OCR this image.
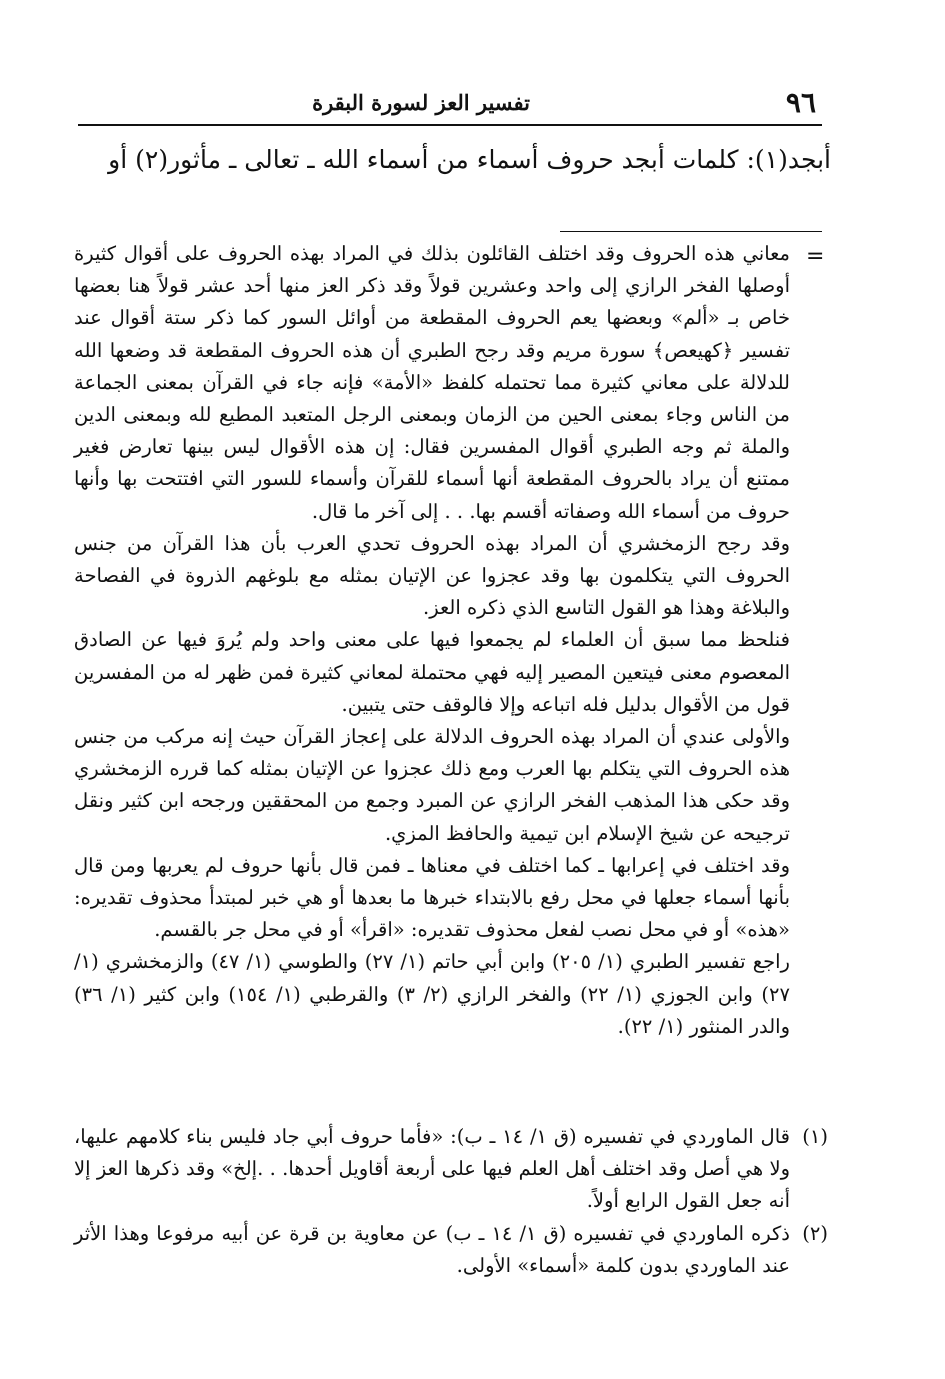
٩٦
تفسير العز لسورة البقرة
أبجد(١): كلمات أبجد حروف أسماء من أسماء الله ـ تعالى ـ مأثور(٢) أو
=

معاني هذه الحروف وقد اختلف القائلون بذلك في المراد بهذه الحروف على أقوال كثيرة أوصلها الفخر الرازي إلى واحد وعشرين قولاً وقد ذكر العز منها أحد عشر قولاً هنا بعضها خاص بـ «ألم» وبعضها يعم الحروف المقطعة من أوائل السور كما ذكر ستة أقوال عند تفسير ﴿كهيعص﴾ سورة مريم وقد رجح الطبري أن هذه الحروف المقطعة قد وضعها الله للدلالة على معاني كثيرة مما تحتمله كلفظ «الأمة» فإنه جاء في القرآن بمعنى الجماعة من الناس وجاء بمعنى الحين من الزمان وبمعنى الرجل المتعبد المطيع لله وبمعنى الدين والملة ثم وجه الطبري أقوال المفسرين فقال: إن هذه الأقوال ليس بينها تعارض فغير ممتنع أن يراد بالحروف المقطعة أنها أسماء للقرآن وأسماء للسور التي افتتحت بها وأنها حروف من أسماء الله وصفاته أقسم بها. . . إلى آخر ما قال.

وقد رجح الزمخشري أن المراد بهذه الحروف تحدي العرب بأن هذا القرآن من جنس الحروف التي يتكلمون بها وقد عجزوا عن الإتيان بمثله مع بلوغهم الذروة في الفصاحة والبلاغة وهذا هو القول التاسع الذي ذكره العز.

فنلحظ مما سبق أن العلماء لم يجمعوا فيها على معنى واحد ولم يُروَ فيها عن الصادق المعصوم معنى فيتعين المصير إليه فهي محتملة لمعاني كثيرة فمن ظهر له من المفسرين قول من الأقوال بدليل فله اتباعه وإلا فالوقف حتى يتبين.

والأولى عندي أن المراد بهذه الحروف الدلالة على إعجاز القرآن حيث إنه مركب من جنس هذه الحروف التي يتكلم بها العرب ومع ذلك عجزوا عن الإتيان بمثله كما قرره الزمخشري وقد حكى هذا المذهب الفخر الرازي عن المبرد وجمع من المحققين ورجحه ابن كثير ونقل ترجيحه عن شيخ الإسلام ابن تيمية والحافظ المزي.

وقد اختلف في إعرابها ـ كما اختلف في معناها ـ فمن قال بأنها حروف لم يعربها ومن قال بأنها أسماء جعلها في محل رفع بالابتداء خبرها ما بعدها أو هي خبر لمبتدأ محذوف تقديره: «هذه» أو في محل نصب لفعل محذوف تقديره: «اقرأ» أو في محل جر بالقسم.

راجع تفسير الطبري (١/ ٢٠٥) وابن أبي حاتم (١/ ٢٧) والطوسي (١/ ٤٧) والزمخشري (١/ ٢٧) وابن الجوزي (١/ ٢٢) والفخر الرازي (٢/ ٣) والقرطبي (١/ ١٥٤) وابن كثير (١/ ٣٦) والدر المنثور (١/ ٢٢).

(١)
قال الماوردي في تفسيره (ق ١/ ١٤ ـ ب): «فأما حروف أبي جاد فليس بناء كلامهم عليها، ولا هي أصل وقد اختلف أهل العلم فيها على أربعة أقاويل أحدها. . .إلخ» وقد ذكرها العز إلا أنه جعل القول الرابع أولاً.
(٢)
ذكره الماوردي في تفسيره (ق ١/ ١٤ ـ ب) عن معاوية بن قرة عن أبيه مرفوعا وهذا الأثر عند الماوردي بدون كلمة «أسماء» الأولى.
